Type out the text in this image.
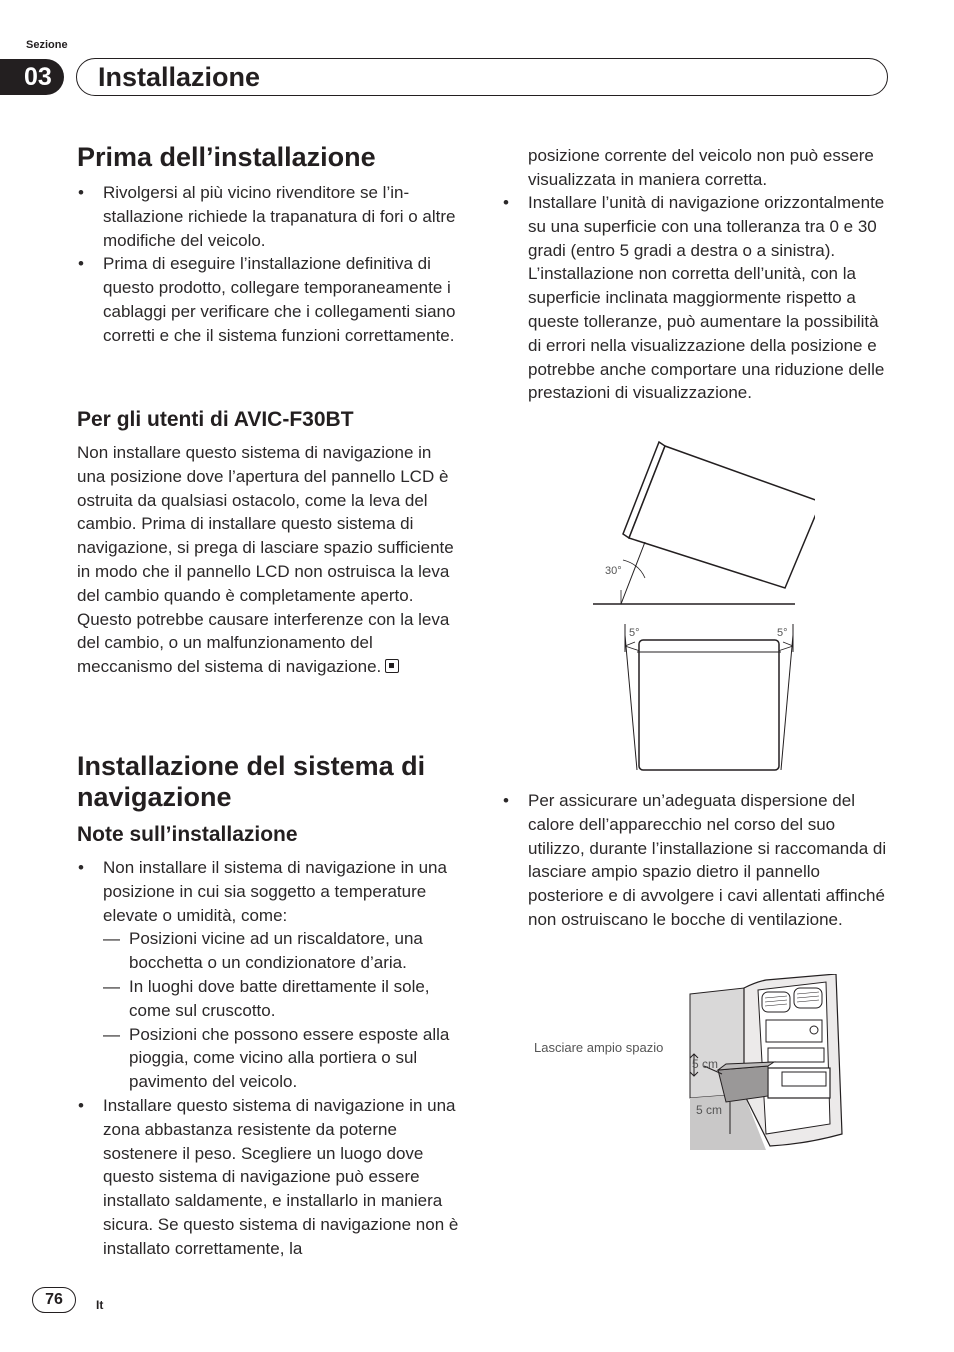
Sezione
03	Installazione
Prima dell’installazione
• Rivolgersi al più vicino rivenditore se l’installazione richiede la trapanatura di fori o altre modifiche del veicolo.
• Prima di eseguire l’installazione definitiva di questo prodotto, collegare temporaneamente i cablaggi per verificare che i collegamenti siano corretti e che il sistema funzioni correttamente.
Per gli utenti di AVIC-F30BT
Non installare questo sistema di navigazione in una posizione dove l’apertura del pannello LCD è ostruita da qualsiasi ostacolo, come la leva del cambio. Prima di installare questo sistema di navigazione, si prega di lasciare spazio sufficiente in modo che il pannello LCD non ostruisca la leva del cambio quando è completamente aperto. Questo potrebbe causare interferenze con la leva del cambio, o un malfunzionamento del meccanismo del sistema di navigazione.
Installazione del sistema di navigazione
Note sull’installazione
• Non installare il sistema di navigazione in una posizione in cui sia soggetto a temperature elevate o umidità, come:
— Posizioni vicine ad un riscaldatore, una bocchetta o un condizionatore d’aria.
— In luoghi dove batte direttamente il sole, come sul cruscotto.
— Posizioni che possono essere esposte alla pioggia, come vicino alla portiera o sul pavimento del veicolo.
• Installare questo sistema di navigazione in una zona abbastanza resistente da poterne sostenere il peso. Scegliere un luogo dove questo sistema di navigazione può essere installato saldamente, e installarlo in maniera sicura. Se questo sistema di navigazione non è installato correttamente, la
posizione corrente del veicolo non può essere visualizzata in maniera corretta.
• Installare l’unità di navigazione orizzontalmente su una superficie con una tolleranza tra 0 e 30 gradi (entro 5 gradi a destra o a sinistra). L’installazione non corretta dell’unità, con la superficie inclinata maggiormente rispetto a queste tolleranze, può aumentare la possibilità di errori nella visualizzazione della posizione e potrebbe anche comportare una riduzione delle prestazioni di visualizzazione.
30°
5°	5°
• Per assicurare un’adeguata dispersione del calore dell’apparecchio nel corso del suo utilizzo, durante l’installazione si raccomanda di lasciare ampio spazio dietro il pannello posteriore e di avvolgere i cavi allentati affinché non ostruiscano le bocche di ventilazione.
Lasciare ampio spazio
5 cm
5 cm
76	It
